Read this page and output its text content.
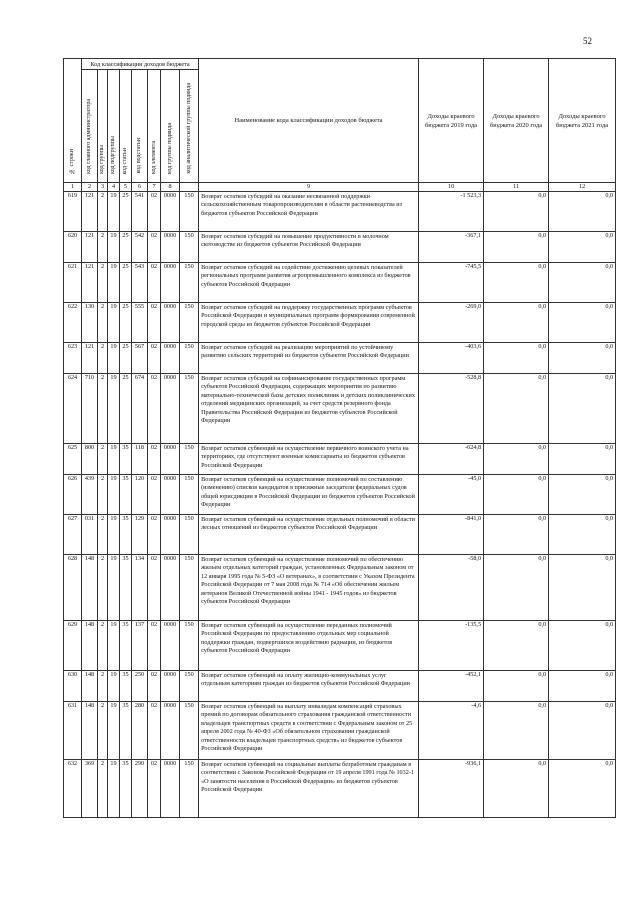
52
№ строки	Код классификации доходов бюджета								Наименование кода классификации доходов бюджета	Доходы краевого бюджета 2019 года	Доходы краевого бюджета 2020 года	Доходы краевого бюджета 2021 года
	код главного администратора	код группы	код подгруппы	код статьи	код подстатьи	код элемента	код группы подвида	код аналитической группы подвида				
1	2	3	4	5	6	7	8		9	10	11	12
619	121	2	19	25	541	02	0000	150	Возврат остатков субсидий на оказание несвязанной поддержки сельскохозяйственным товаропроизводителям в области растениеводства из бюджетов субъектов Российской Федерации	-1 523,3	0,0	0,0
620	121	2	19	25	542	02	0000	150	Возврат остатков субсидий на повышение продуктивности в молочном скотоводстве из бюджетов субъектов Российской Федерации	-367,1	0,0	0,0
621	121	2	19	25	543	02	0000	150	Возврат остатков субсидий на содействие достижению целевых показателей региональных программ развития агропромышленного комплекса из бюджетов субъектов Российской Федерации	-745,5	0,0	0,0
622	130	2	19	25	555	02	0000	150	Возврат остатков субсидий на поддержку государственных программ субъектов Российской Федерации и муниципальных программ формирования современной городской среды из бюджетов субъектов Российской Федерации	-269,0	0,0	0,0
623	121	2	19	25	567	02	0000	150	Возврат остатков субсидий на реализацию мероприятий по устойчивому развитию сельских территорий из бюджетов субъектов Российской Федерации	-403,6	0,0	0,0
624	710	2	19	25	674	02	0000	150	Возврат остатков субсидий на софинансирование государственных программ субъектов Российской Федерации, содержащих мероприятия по развитию материально-технической базы детских поликлиник и детских поликлинических отделений медицинских организаций, за счет средств резервного фонда Правительства Российской Федерации из бюджетов субъектов Российской Федерации	-528,8	0,0	0,0
625	800	2	19	35	118	02	0000	150	Возврат остатков субвенций на осуществление первичного воинского учета на территориях, где отсутствуют военные комиссариаты из бюджетов субъектов Российской Федерации	-624,8	0,0	0,0
626	439	2	19	35	120	02	0000	150	Возврат остатков субвенций на осуществление полномочий по составлению (изменению) списков кандидатов в присяжные заседатели федеральных судов общей юрисдикции в Российской Федерации из бюджетов субъектов Российской Федерации	-45,0	0,0	0,0
627	031	2	19	35	129	02	0000	150	Возврат остатков субвенций на осуществление отдельных полномочий в области лесных отношений из бюджетов субъектов Российской Федерации	-841,0	0,0	0,0
628	148	2	19	35	134	02	0000	150	Возврат остатков субвенций на осуществление полномочий по обеспечению жильем отдельных категорий граждан, установленных Федеральным законом от 12 января 1995 года № 5-ФЗ «О ветеранах», в соответствии с Указом Президента Российской Федерации от 7 мая 2008 года № 714 «Об обеспечении жильем ветеранов Великой Отечественной войны 1941 - 1945 годов» из бюджетов субъектов Российской Федерации	-58,0	0,0	0,0
629	148	2	19	35	137	02	0000	150	Возврат остатков субвенций на осуществление переданных полномочий Российской Федерации по предоставлению отдельных мер социальной поддержки граждан, подвергшихся воздействию радиации, из бюджетов субъектов Российской Федерации	-135,5	0,0	0,0
630	148	2	19	35	250	02	0000	150	Возврат остатков субвенций на оплату жилищно-коммунальных услуг отдельным категориям граждан из бюджетов субъектов Российской Федерации	-452,1	0,0	0,0
631	148	2	19	35	280	02	0000	150	Возврат остатков субвенций на выплату инвалидам компенсаций страховых премий по договорам обязательного страхования гражданской ответственности владельцев транспортных средств в соответствии с Федеральным законом от 25 апреля 2002 года № 40-ФЗ «Об обязательном страховании гражданской ответственности владельцев транспортных средств» из бюджетов субъектов Российской Федерации	-4,6	0,0	0,0
632	369	2	19	35	290	02	0000	150	Возврат остатков субвенций на социальные выплаты безработным гражданам в соответствии с Законом Российской Федерации от 19 апреля 1991 года № 1032-1 «О занятости населения в Российской Федерации» из бюджетов субъектов Российской Федерации	-936,1	0,0	0,0
